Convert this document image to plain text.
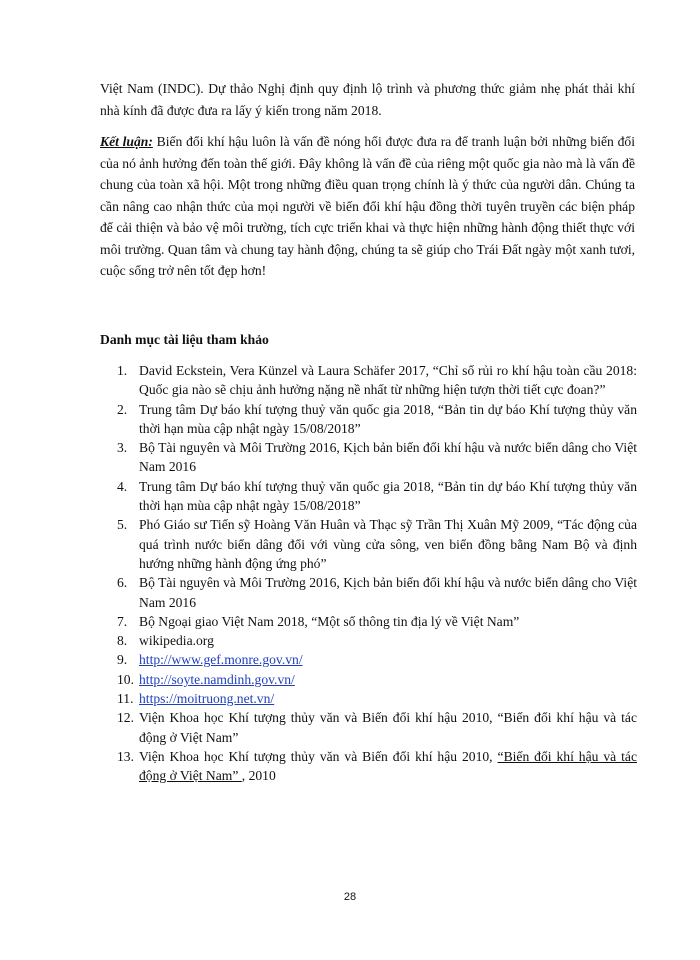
Việt Nam (INDC). Dự thảo Nghị định quy định lộ trình và phương thức giảm nhẹ phát thải khí nhà kính đã được đưa ra lấy ý kiến trong năm 2018.
Kết luận: Biến đổi khí hậu luôn là vấn đề nóng hổi được đưa ra để tranh luận bởi những biến đổi của nó ảnh hưởng đến toàn thế giới. Đây không là vấn đề của riêng một quốc gia nào mà là vấn đề chung của toàn xã hội. Một trong những điều quan trọng chính là ý thức của người dân. Chúng ta cần nâng cao nhận thức của mọi người về biến đổi khí hậu đồng thời tuyên truyền các biện pháp để cải thiện và bảo vệ môi trường, tích cực triển khai và thực hiện những hành động thiết thực với môi trường. Quan tâm và chung tay hành động, chúng ta sẽ giúp cho Trái Đất ngày một xanh tươi, cuộc sống trở nên tốt đẹp hơn!
Danh mục tài liệu tham khảo
1. David Eckstein, Vera Künzel và Laura Schäfer 2017, “Chỉ số rủi ro khí hậu toàn cầu 2018: Quốc gia nào sẽ chịu ảnh hưởng nặng nề nhất từ những hiện tượn thời tiết cực đoan?”
2. Trung tâm Dự báo khí tượng thuỷ văn quốc gia 2018, “Bản tin dự báo Khí tượng thủy văn thời hạn mùa cập nhật ngày 15/08/2018”
3. Bộ Tài nguyên và Môi Trường 2016, Kịch bản biến đổi khí hậu và nước biển dâng cho Việt Nam 2016
4. Trung tâm Dự báo khí tượng thuỷ văn quốc gia 2018, “Bản tin dự báo Khí tượng thủy văn thời hạn mùa cập nhật ngày 15/08/2018”
5. Phó Giáo sư Tiến sỹ Hoàng Văn Huân và Thạc sỹ Trần Thị Xuân Mỹ 2009, “Tác động của quá trình nước biển dâng đối với vùng cửa sông, ven biển đồng bằng Nam Bộ và định hướng những hành động ứng phó”
6. Bộ Tài nguyên và Môi Trường 2016, Kịch bản biến đổi khí hậu và nước biển dâng cho Việt Nam 2016
7. Bộ Ngoại giao Việt Nam 2018, “Một số thông tin địa lý về Việt Nam”
8. wikipedia.org
9. http://www.gef.monre.gov.vn/
10. http://soyte.namdinh.gov.vn/
11. https://moitruong.net.vn/
12. Viện Khoa học Khí tượng thủy văn và Biến đổi khí hậu 2010, “Biến đổi khí hậu và tác động ở Việt Nam”
13. Viện Khoa học Khí tượng thủy văn và Biến đổi khí hậu 2010, “Biến đổi khí hậu và tác động ở Việt Nam” , 2010
28
